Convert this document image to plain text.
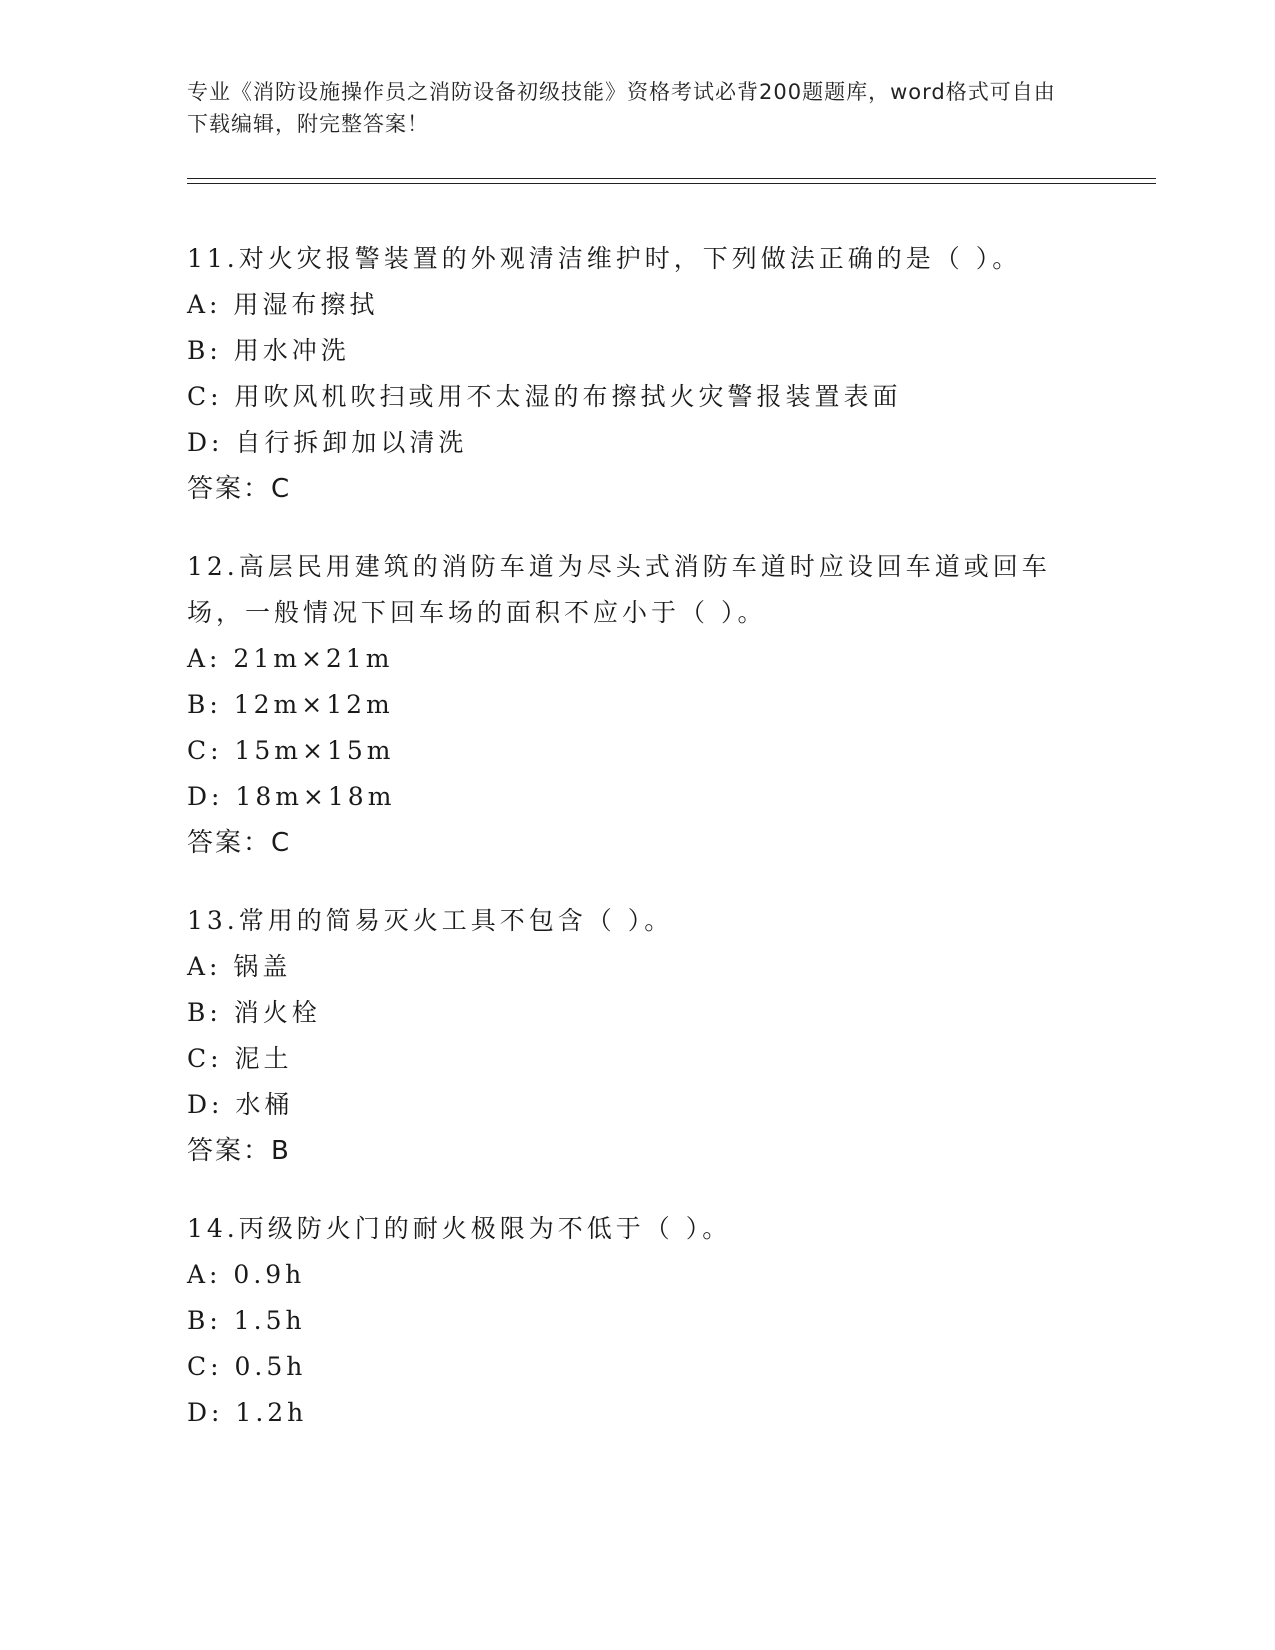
专业《消防设施操作员之消防设备初级技能》资格考试必背200题题库，word格式可自由下载编辑，附完整答案！
11.对火灾报警装置的外观清洁维护时，下列做法正确的是（ ）。
A: 用湿布擦拭
B: 用水冲洗
C: 用吹风机吹扫或用不太湿的布擦拭火灾警报装置表面
D: 自行拆卸加以清洗
答案：C
12.高层民用建筑的消防车道为尽头式消防车道时应设回车道或回车场，一般情况下回车场的面积不应小于（ ）。
A: 21m×21m
B: 12m×12m
C: 15m×15m
D: 18m×18m
答案：C
13.常用的简易灭火工具不包含（ ）。
A: 锅盖
B: 消火栓
C: 泥土
D: 水桶
答案：B
14.丙级防火门的耐火极限为不低于（ ）。
A: 0.9h
B: 1.5h
C: 0.5h
D: 1.2h
